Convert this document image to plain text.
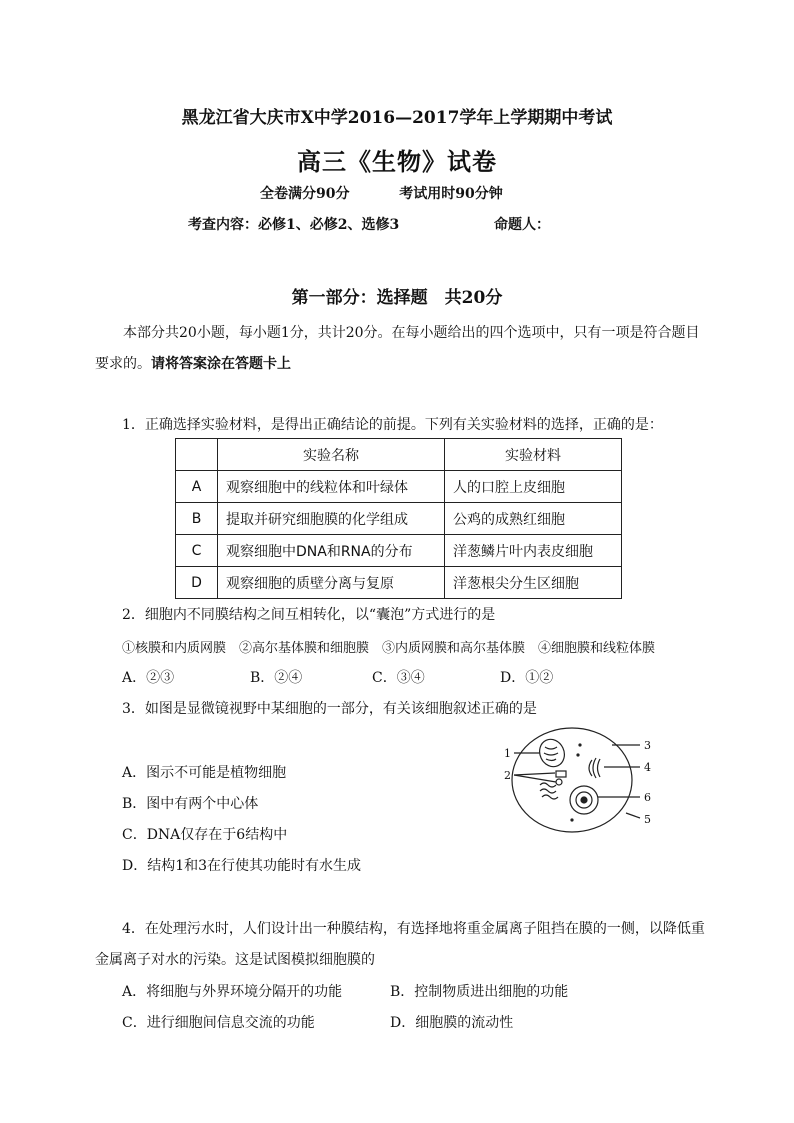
黑龙江省大庆市X中学2016—2017学年上学期期中考试
高三《生物》试卷
全卷满分90分	考试用时90分钟
考查内容：必修1、必修2、选修3	命题人：
第一部分：选择题　共20分
本部分共20小题，每小题1分，共计20分。在每小题给出的四个选项中，只有一项是符合题目要求的。请将答案涂在答题卡上
1．正确选择实验材料，是得出正确结论的前提。下列有关实验材料的选择，正确的是：
	实验名称	实验材料
A	观察细胞中的线粒体和叶绿体	人的口腔上皮细胞
B	提取并研究细胞膜的化学组成	公鸡的成熟红细胞
C	观察细胞中DNA和RNA的分布	洋葱鳞片叶内表皮细胞
D	观察细胞的质壁分离与复原	洋葱根尖分生区细胞
2．细胞内不同膜结构之间互相转化，以“囊泡”方式进行的是
①核膜和内质网膜　②高尔基体膜和细胞膜　③内质网膜和高尔基体膜　④细胞膜和线粒体膜
A．②③	B．②④	C．③④	D．①②
3．如图是显微镜视野中某细胞的一部分，有关该细胞叙述正确的是
A．图示不可能是植物细胞
B．图中有两个中心体
C．DNA仅存在于6结构中
D．结构1和3在行使其功能时有水生成
1
2
3
4
5
6
4．在处理污水时，人们设计出一种膜结构，有选择地将重金属离子阻挡在膜的一侧，以降低重金属离子对水的污染。这是试图模拟细胞膜的
A．将细胞与外界环境分隔开的功能	B．控制物质进出细胞的功能
C．进行细胞间信息交流的功能	D．细胞膜的流动性
